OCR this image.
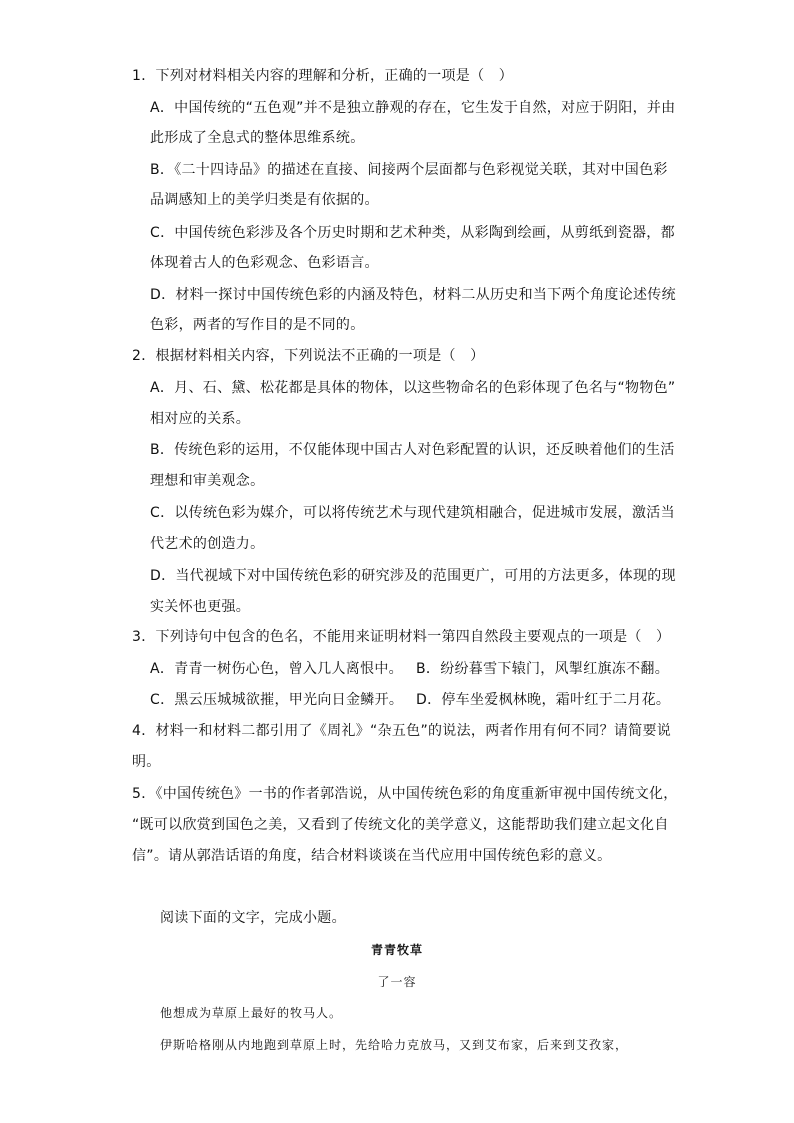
1．下列对材料相关内容的理解和分析，正确的一项是（　）
A．中国传统的“五色观”并不是独立静观的存在，它生发于自然，对应于阴阳，并由
此形成了全息式的整体思维系统。
B．《二十四诗品》的描述在直接、间接两个层面都与色彩视觉关联，其对中国色彩
品调感知上的美学归类是有依据的。
C．中国传统色彩涉及各个历史时期和艺术种类，从彩陶到绘画，从剪纸到瓷器，都
体现着古人的色彩观念、色彩语言。
D．材料一探讨中国传统色彩的内涵及特色，材料二从历史和当下两个角度论述传统
色彩，两者的写作目的是不同的。
2．根据材料相关内容，下列说法不正确的一项是（　）
A．月、石、黛、松花都是具体的物体，以这些物命名的色彩体现了色名与“物物色”
相对应的关系。
B．传统色彩的运用，不仅能体现中国古人对色彩配置的认识，还反映着他们的生活
理想和审美观念。
C．以传统色彩为媒介，可以将传统艺术与现代建筑相融合，促进城市发展，激活当
代艺术的创造力。
D．当代视域下对中国传统色彩的研究涉及的范围更广，可用的方法更多，体现的现
实关怀也更强。
3．下列诗句中包含的色名，不能用来证明材料一第四自然段主要观点的一项是（　）
A．青青一树伤心色，曾入几人离恨中。 B．纷纷暮雪下辕门，风掣红旗冻不翻。
C．黑云压城城欲摧，甲光向日金鳞开。 D．停车坐爱枫林晚，霜叶红于二月花。
4．材料一和材料二都引用了《周礼》“杂五色”的说法，两者作用有何不同？请简要说
明。
5．《中国传统色》一书的作者郭浩说，从中国传统色彩的角度重新审视中国传统文化，
“既可以欣赏到国色之美，又看到了传统文化的美学意义，这能帮助我们建立起文化自
信”。请从郭浩话语的角度，结合材料谈谈在当代应用中国传统色彩的意义。
阅读下面的文字，完成小题。
青青牧草
了一容
他想成为草原上最好的牧马人。
伊斯哈格刚从内地跑到草原上时，先给哈力克放马，又到艾布家，后来到艾孜家，
